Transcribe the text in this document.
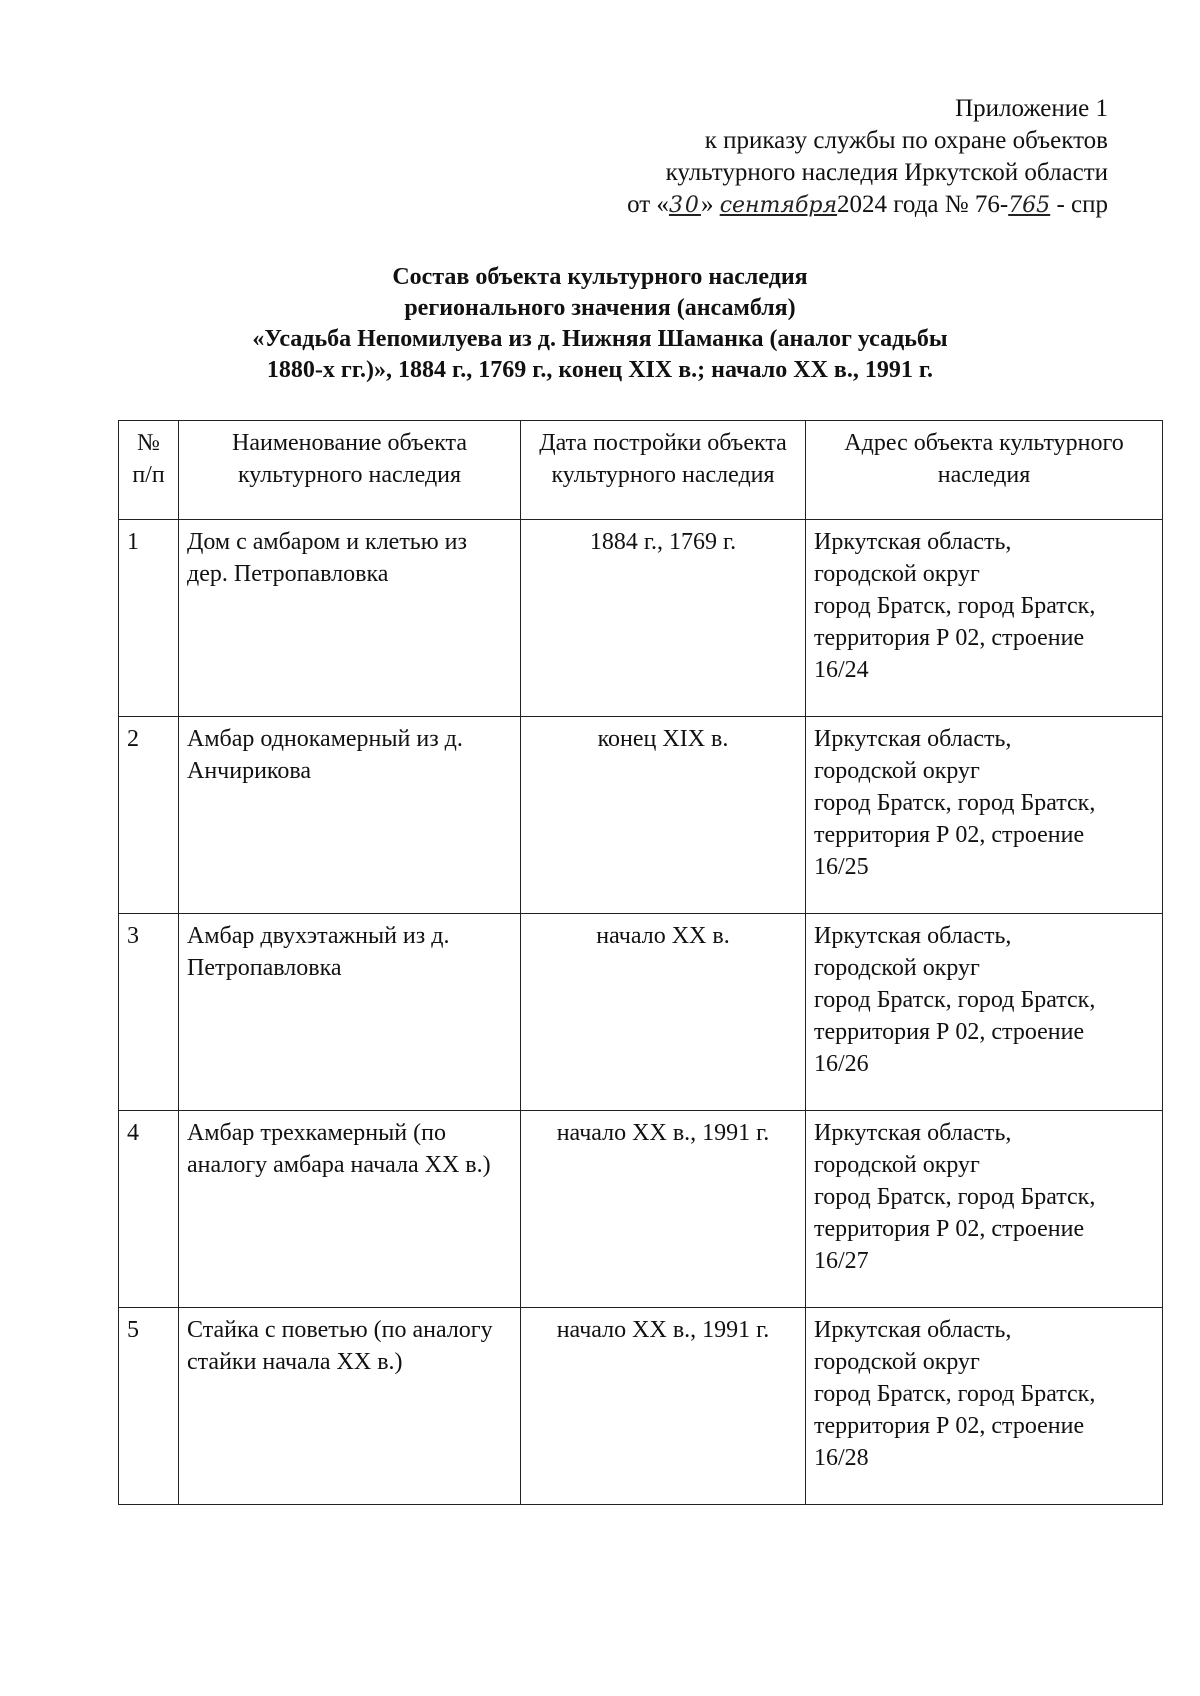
Приложение 1
к приказу службы по охране объектов
культурного наследия Иркутской области
от «30» сентября2024 года № 76-765 - спр
Состав объекта культурного наследия
регионального значения (ансамбля)
«Усадьба Непомилуева из д. Нижняя Шаманка (аналог усадьбы
1880-х гг.)», 1884 г., 1769 г., конец XIX в.; начало XX в., 1991 г.
№ п/п	Наименование объекта культурного наследия	Дата постройки объекта культурного наследия	Адрес объекта культурного наследия
1	Дом с амбаром и клетью из дер. Петропавловка	1884 г., 1769 г.	Иркутская область,
городской округ
город Братск, город Братск,
территория Р 02, строение
16/24

2	Амбар однокамерный из д. Анчирикова	конец XIX в.	Иркутская область,
городской округ
город Братск, город Братск,
территория Р 02, строение
16/25

3	Амбар двухэтажный из д. Петропавловка	начало XX в.	Иркутская область,
городской округ
город Братск, город Братск,
территория Р 02, строение
16/26

4	Амбар трехкамерный (по аналогу амбара начала XX в.)	начало XX в., 1991 г.	Иркутская область,
городской округ
город Братск, город Братск,
территория Р 02, строение
16/27

5	Стайка с поветью (по аналогу стайки начала XX в.)	начало XX в., 1991 г.	Иркутская область,
городской округ
город Братск, город Братск,
территория Р 02, строение
16/28
